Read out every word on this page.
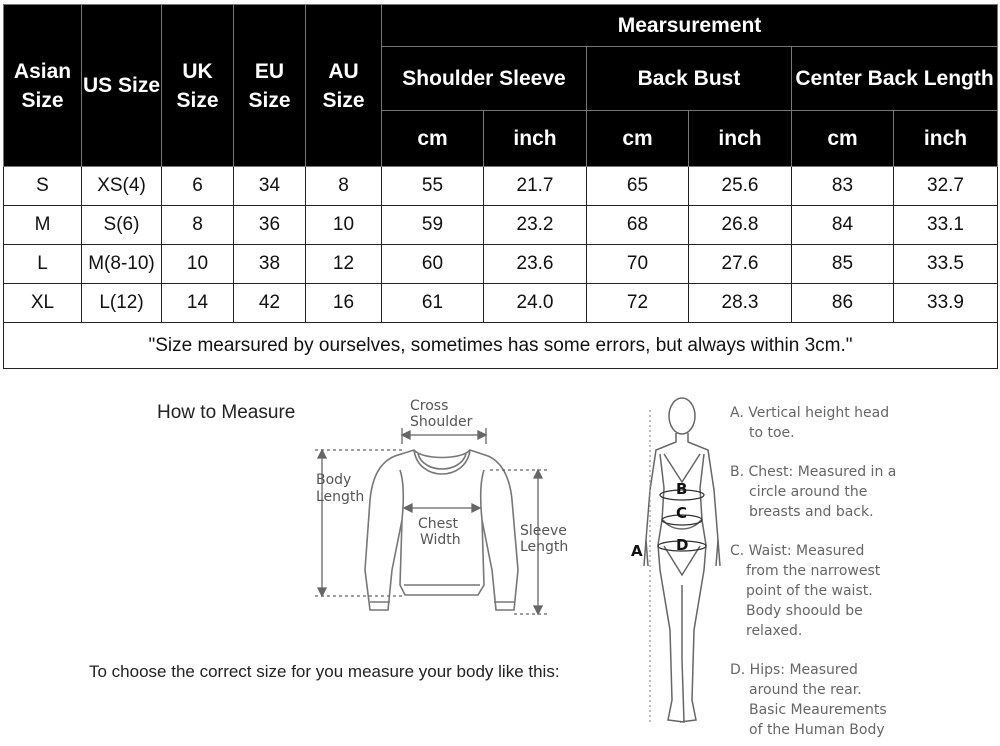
Asian Size	US Size	UK Size	EU Size	AU Size	Mearsurement					
					Shoulder Sleeve		Back Bust		Center Back Length	
					cm	inch	cm	inch	cm	inch
S	XS(4)	6	34	8	55	21.7	65	25.6	83	32.7
M	S(6)	8	36	10	59	23.2	68	26.8	84	33.1
L	M(8-10)	10	38	12	60	23.6	70	27.6	85	33.5
XL	L(12)	14	42	16	61	24.0	72	28.3	86	33.9
"Size mearsured by ourselves, sometimes has some errors, but always within 3cm."										
How to Measure
To choose the correct size for you measure your body like this:
Cross
Shoulder
Body
Length
Chest
Width
Sleeve
Length
B
C
D
A
A. Vertical height head
to toe.
B. Chest: Measured in a
circle around the
breasts and back.
C. Waist: Measured
from the narrowest
point of the waist.
Body shoould be
relaxed.
D. Hips: Measured
around the rear.
Basic Meaurements
of the Human Body
